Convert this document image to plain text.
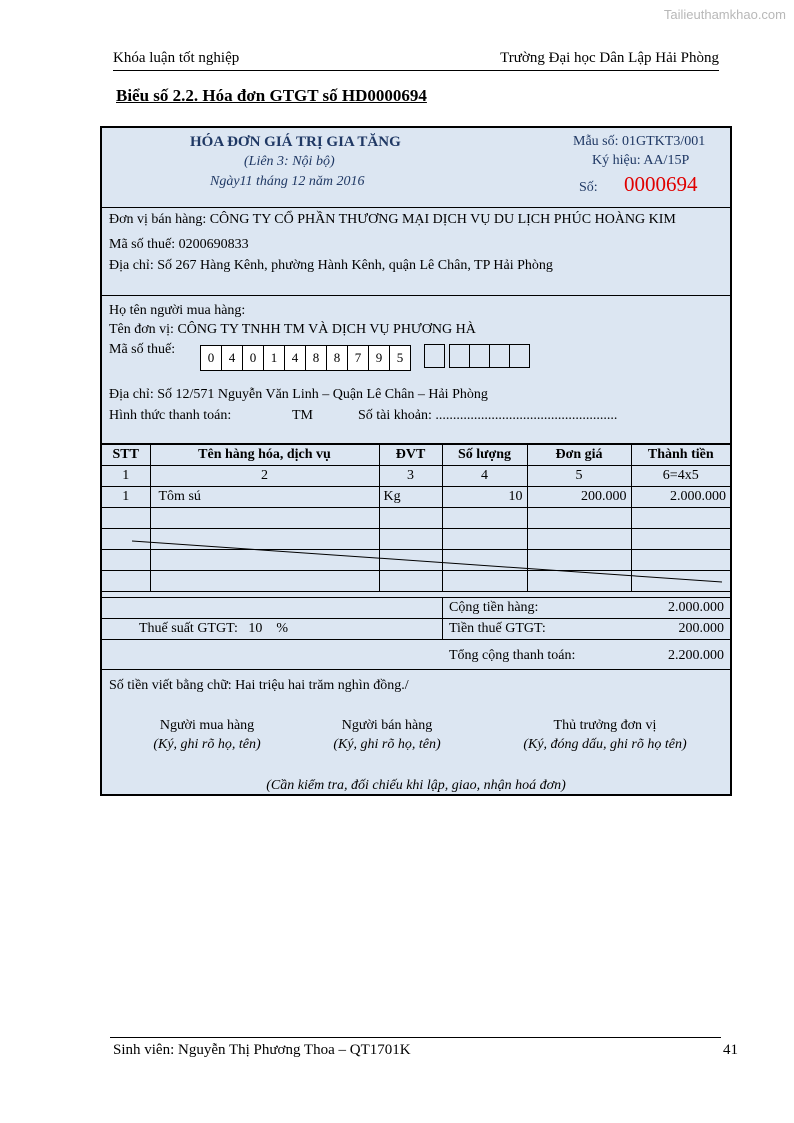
Tailieuthamkhao.com
Khóa luận tốt nghiệp	Trường Đại học Dân Lập Hải Phòng
Biểu số 2.2. Hóa đơn GTGT số HD0000694
HÓA ĐƠN GIÁ TRỊ GIA TĂNG
(Liên 3: Nội bộ)
Ngày11 tháng 12 năm 2016
Mẫu số: 01GTKT3/001
Ký hiệu: AA/15P
Số: 0000694
Đơn vị bán hàng: CÔNG TY CỔ PHẦN THƯƠNG MẠI DỊCH VỤ DU LỊCH PHÚC HOÀNG KIM
Mã số thuế: 0200690833
Địa chỉ: Số 267 Hàng Kênh, phường Hành Kênh, quận Lê Chân, TP Hải Phòng
Họ tên người mua hàng:
Tên đơn vị: CÔNG TY TNHH TM VÀ DỊCH VỤ PHƯƠNG HÀ
Mã số thuế:
0	4	0	1	4	8	8	7	9	5
Địa chỉ: Số 12/571 Nguyễn Văn Linh – Quận Lê Chân – Hải Phòng
Hình thức thanh toán:	TM	Số tài khoản: ....................................................
STT	Tên hàng hóa, dịch vụ	ĐVT	Số lượng	Đơn giá	Thành tiền
1	2	3	4	5	6=4x5
1	Tôm sú	Kg	10	200.000	2.000.000

Cộng tiền hàng:	2.000.000
Thuế suất GTGT: 10 %	Tiền thuế GTGT:	200.000
Tổng cộng thanh toán:	2.200.000
Số tiền viết bằng chữ: Hai triệu hai trăm nghìn đồng./
Người mua hàng
(Ký, ghi rõ họ, tên)
Người bán hàng
(Ký, ghi rõ họ, tên)
Thủ trưởng đơn vị
(Ký, đóng dấu, ghi rõ họ tên)
(Cần kiểm tra, đối chiếu khi lập, giao, nhận hoá đơn)
Sinh viên: Nguyễn Thị Phương Thoa – QT1701K	41
